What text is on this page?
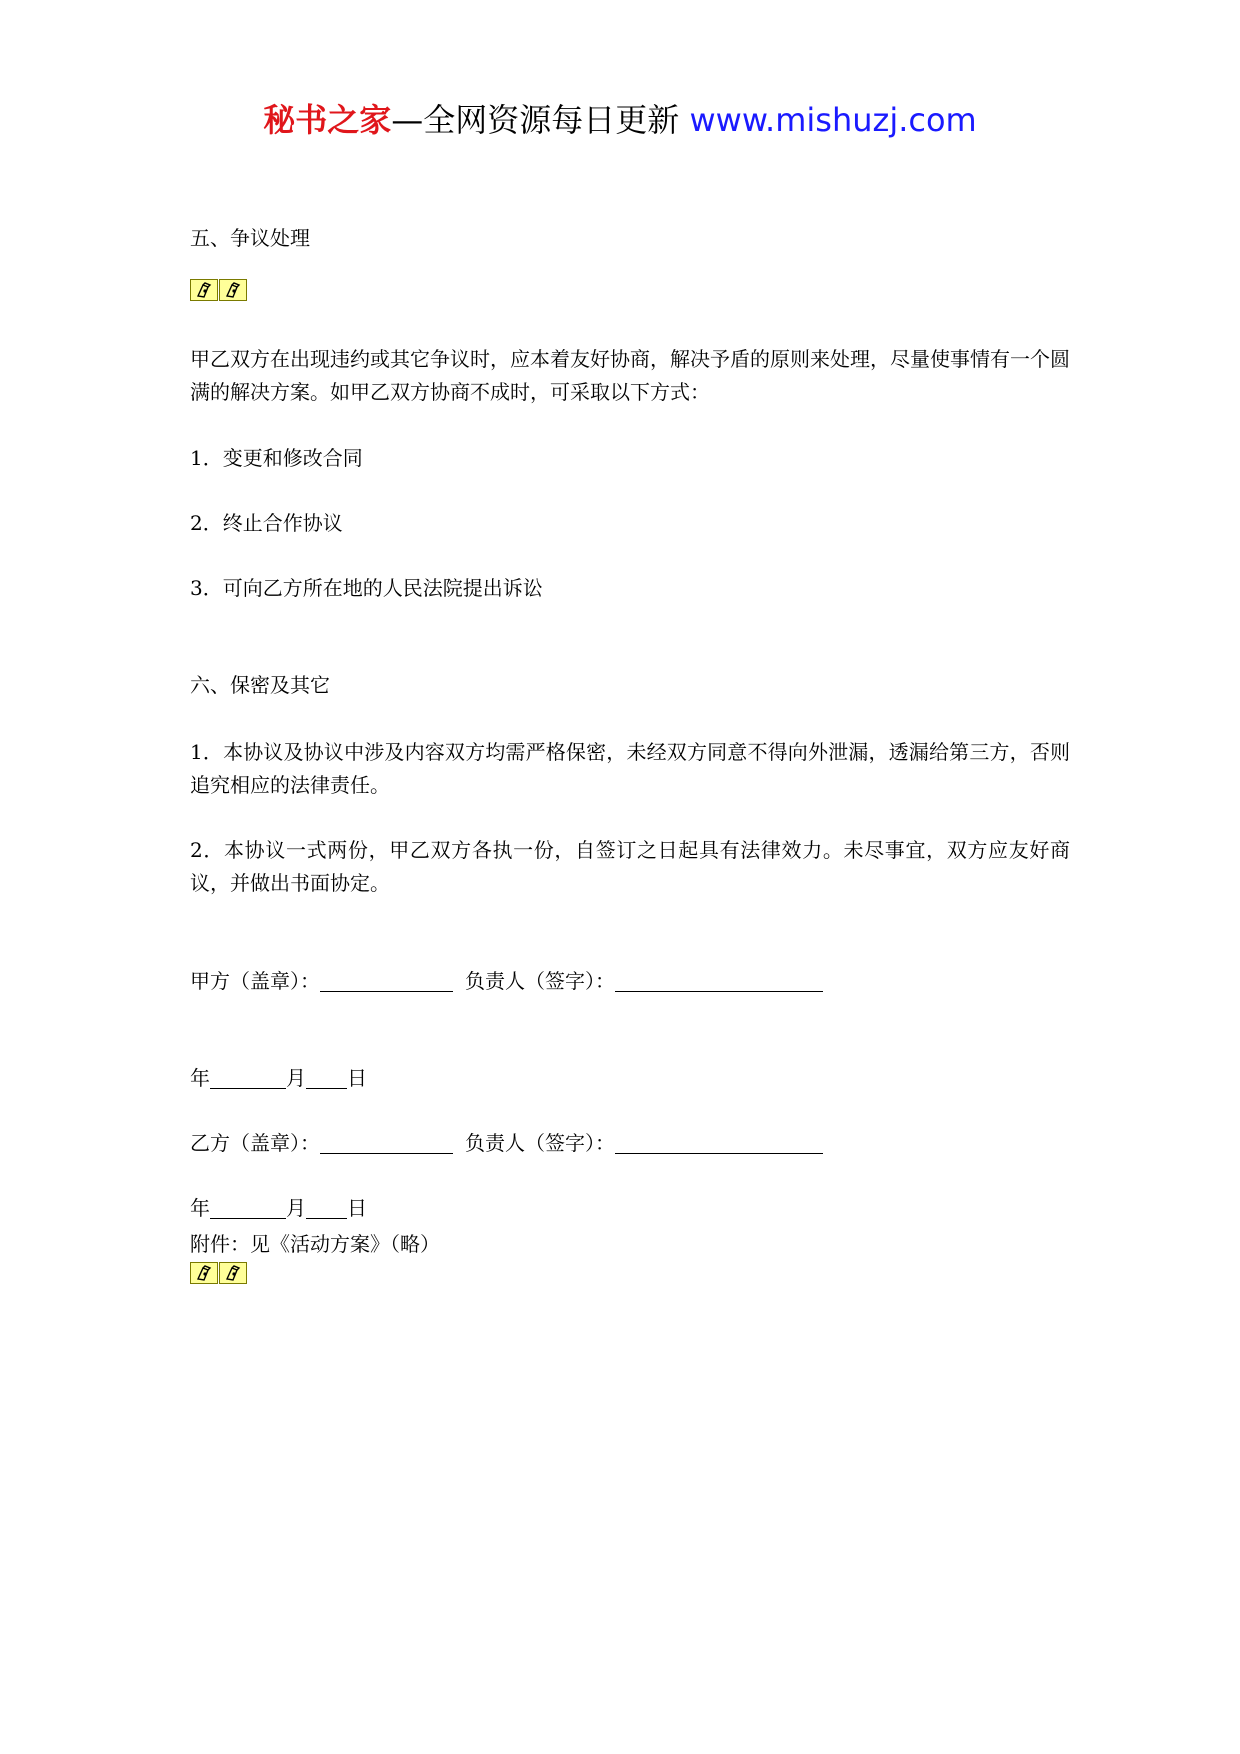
秘书之家—全网资源每日更新 www.mishuzj.com
五、争议处理
甲乙双方在出现违约或其它争议时，应本着友好协商，解决予盾的原则来处理，尽量使事情有一个圆满的解决方案。如甲乙双方协商不成时，可采取以下方式：
1．变更和修改合同
2．终止合作协议
3．可向乙方所在地的人民法院提出诉讼
六、保密及其它
1．本协议及协议中涉及内容双方均需严格保密，未经双方同意不得向外泄漏，透漏给第三方，否则追究相应的法律责任。
2．本协议一式两份，甲乙双方各执一份，自签订之日起具有法律效力。未尽事宜，双方应友好商议，并做出书面协定。
甲方（盖章）：	负责人（签字）：
年	月 日
乙方（盖章）：	负责人（签字）：
年	月 日
附件：见《活动方案》（略）
